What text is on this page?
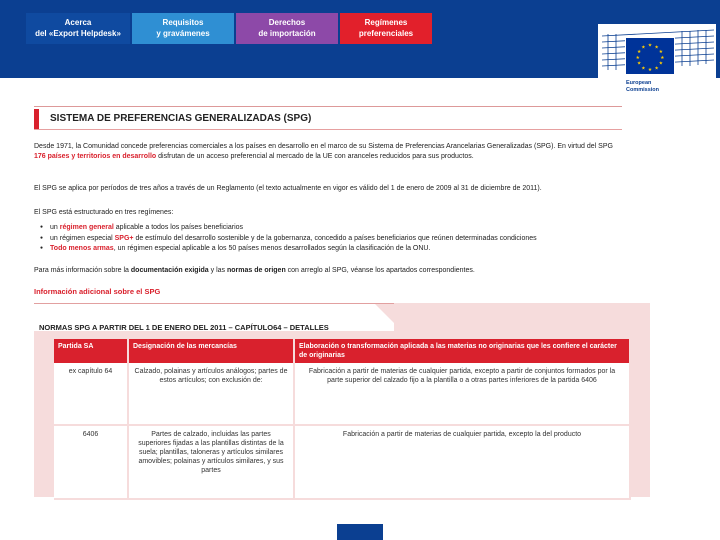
Acerca
del «Export Helpdesk»
Requisitos
y gravámenes
Derechos
de importación
Regímenes
preferenciales
★ ★
★
★
★
★
★
★
★
★
★
★
European
Commission
SISTEMA DE PREFERENCIAS GENERALIZADAS (SPG)

Desde 1971, la Comunidad concede preferencias comerciales a los países en desarrollo en el marco de su Sistema de Preferencias Arancelarias Generalizadas (SPG). En virtud del SPG 176 países y territorios en desarrollo disfrutan de un acceso preferencial al mercado de la UE con aranceles reducidos para sus productos.

El SPG se aplica por períodos de tres años a través de un Reglamento (el texto actualmente en vigor es válido del 1 de enero de 2009 al 31 de diciembre de 2011).

El SPG está estructurado en tres regímenes:

● un régimen general aplicable a todos los países beneficiarios
● un régimen especial SPG+ de estímulo del desarrollo sostenible y de la gobernanza, concedido a países beneficiarios que reúnen determinadas condiciones
● Todo menos armas, un régimen especial aplicable a los 50 países menos desarrollados según la clasificación de la ONU.

Para más información sobre la documentación exigida y las normas de origen con arreglo al SPG, véanse los apartados correspondientes.

Información adicional sobre el SPG
NORMAS SPG A PARTIR DEL 1 DE ENERO DEL 2011 – CAPÍTULO64 – DETALLES
Partida SA	Designación de las mercancías	Elaboración o transformación aplicada a las materias no originarias que les confiere el carácter de originarias
ex capítulo 64	Calzado, polainas y artículos análogos; partes de estos artículos; con exclusión de:	Fabricación a partir de materias de cualquier partida, excepto a partir de conjuntos formados por la parte superior del calzado fijo a la plantilla o a otras partes inferiores de la partida 6406
6406	Partes de calzado, incluidas las partes superiores fijadas a las plantillas distintas de la suela; plantillas, taloneras y artículos similares amovibles; polainas y artículos similares, y sus partes	Fabricación a partir de materias de cualquier partida, excepto la del producto
